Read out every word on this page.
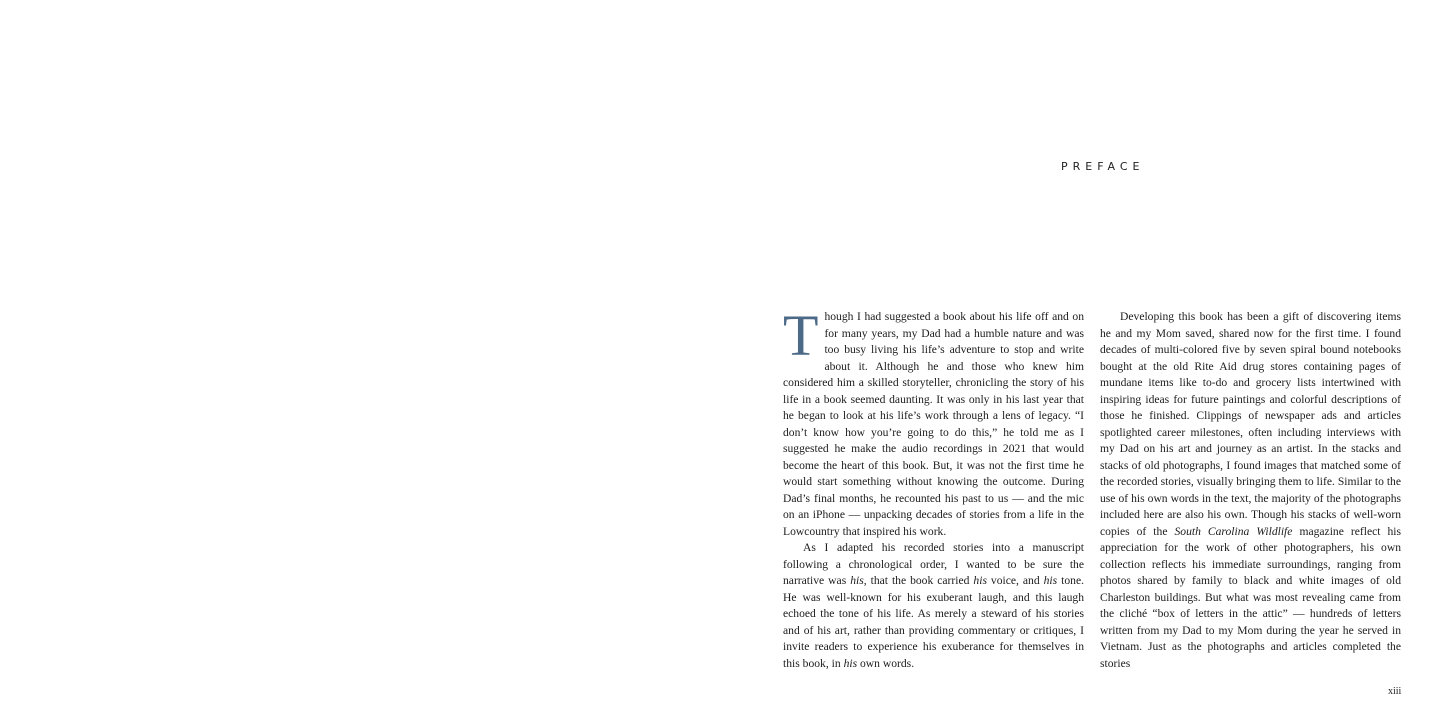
PREFACE

Though I had suggested a book about his life off and on for many years, my Dad had a humble nature and was too busy living his life’s adventure to stop and write about it. Although he and those who knew him considered him a skilled storyteller, chronicling the story of his life in a book seemed daunting. It was only in his last year that he began to look at his life’s work through a lens of legacy. “I don’t know how you’re going to do this,” he told me as I suggested he make the audio recordings in 2021 that would become the heart of this book. But, it was not the first time he would start something without knowing the outcome. During Dad’s final months, he recounted his past to us — and the mic on an iPhone — unpacking decades of stories from a life in the Lowcountry that inspired his work.

As I adapted his recorded stories into a manuscript following a chronological order, I wanted to be sure the narrative was his, that the book carried his voice, and his tone. He was well-known for his exuberant laugh, and this laugh echoed the tone of his life. As merely a steward of his stories and of his art, rather than providing commentary or critiques, I invite readers to experience his exuberance for themselves in this book, in his own words.

Developing this book has been a gift of discovering items he and my Mom saved, shared now for the first time. I found decades of multi-colored five by seven spiral bound notebooks bought at the old Rite Aid drug stores containing pages of mundane items like to-do and grocery lists intertwined with inspiring ideas for future paintings and colorful descriptions of those he finished. Clippings of newspaper ads and articles spotlighted career milestones, often including interviews with my Dad on his art and journey as an artist. In the stacks and stacks of old photographs, I found images that matched some of the recorded stories, visually bringing them to life. Similar to the use of his own words in the text, the majority of the photographs included here are also his own. Though his stacks of well-worn copies of the South Carolina Wildlife magazine reflect his appreciation for the work of other photographers, his own collection reflects his immediate surroundings, ranging from photos shared by family to black and white images of old Charleston buildings. But what was most revealing came from the cliché “box of letters in the attic” — hundreds of letters written from my Dad to my Mom during the year he served in Vietnam. Just as the photographs and articles completed the stories

xiii
